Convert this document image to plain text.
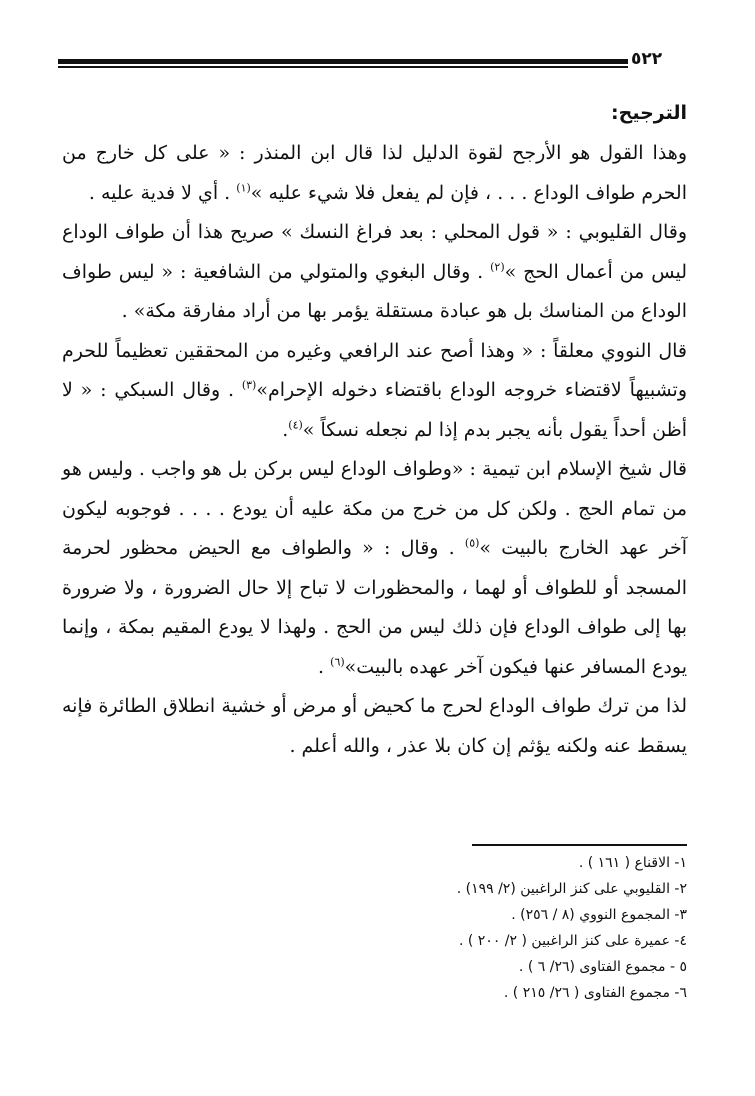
٥٢٢

الترجيح:

وهذا القول هو الأرجح لقوة الدليل لذا قال ابن المنذر : « على كل خارج من الحرم طواف الوداع . . . ، فإن لم يفعل فلا شيء عليه »$^{(١)}$ . أي لا فدية عليه .

وقال القليوبي : « قول المحلي : بعد فراغ النسك » صريح هذا أن طواف الوداع ليس من أعمال الحج »$^{(٢)}$ . وقال البغوي والمتولي من الشافعية : « ليس طواف الوداع من المناسك بل هو عبادة مستقلة يؤمر بها من أراد مفارقة مكة» .

قال النووي معلقاً : « وهذا أصح عند الرافعي وغيره من المحققين تعظيماً للحرم وتشبيهاً لاقتضاء خروجه الوداع باقتضاء دخوله الإحرام»$^{(٣)}$ . وقال السبكي : « لا أظن أحداً يقول بأنه يجبر بدم إذا لم نجعله نسكاً »$^{(٤)}$.

قال شيخ الإسلام ابن تيمية : «وطواف الوداع ليس بركن بل هو واجب . وليس هو من تمام الحج . ولكن كل من خرج من مكة عليه أن يودع . . . . فوجوبه ليكون آخر عهد الخارج بالبيت »$^{(٥)}$ . وقال : « والطواف مع الحيض محظور لحرمة المسجد أو للطواف أو لهما ، والمحظورات لا تباح إلا حال الضرورة ، ولا ضرورة بها إلى طواف الوداع فإن ذلك ليس من الحج . ولهذا لا يودع المقيم بمكة ، وإنما يودع المسافر عنها فيكون آخر عهده بالبيت»$^{(٦)}$ .

لذا من ترك طواف الوداع لحرج ما كحيض أو مرض أو خشية انطلاق الطائرة فإنه يسقط عنه ولكنه يؤثم إن كان بلا عذر ، والله أعلم .

١- الاقناع ( ١٦١ ) .

٢- القليوبي على كنز الراغبين (٢/ ١٩٩) .

٣- المجموع النووي (٨ / ٢٥٦) .

٤- عميرة على كنز الراغبين ( ٢/ ٢٠٠ ) .

٥ - مجموع الفتاوى (٢٦/ ٦ ) .

٦- مجموع الفتاوى ( ٢٦/ ٢١٥ ) .
